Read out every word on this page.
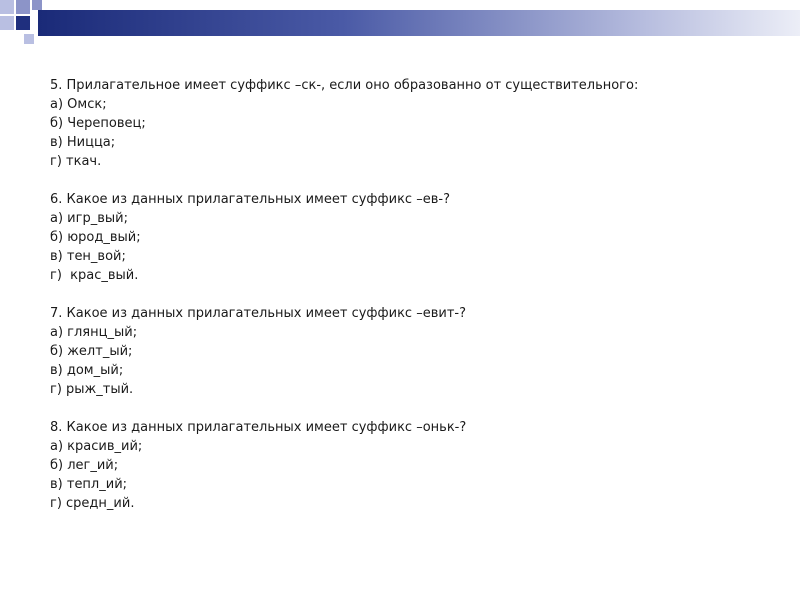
5. Прилагательное имеет суффикс –ск-, если оно образованно от существительного:
а) Омск;
б) Череповец;
в) Ницца;
г) ткач.
6. Какое из данных прилагательных имеет суффикс –ев-?
а) игр_вый;
б) юрод_вый;
в) тен_вой;
г)  крас_вый.
7. Какое из данных прилагательных имеет суффикс –евит-?
а) глянц_ый;
б) желт_ый;
в) дом_ый;
г) рыж_тый.
8. Какое из данных прилагательных имеет суффикс –оньк-?
а) красив_ий;
б) лег_ий;
в) тепл_ий;
г) средн_ий.
